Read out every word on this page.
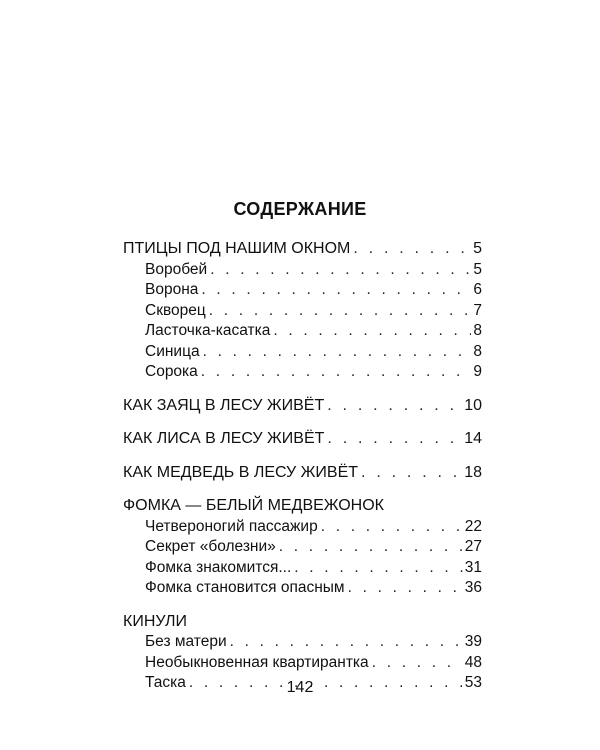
СОДЕРЖАНИЕ
ПТИЦЫ ПОД НАШИМ ОКНОМ . . .	5
Воробей . . .	5
Ворона . . .	6
Скворец . . .	7
Ласточка-касатка . . .	8
Синица . . .	8
Сорока . . .	9
КАК ЗАЯЦ В ЛЕСУ ЖИВЁТ . . .	10
КАК ЛИСА В ЛЕСУ ЖИВЁТ . . .	14
КАК МЕДВЕДЬ В ЛЕСУ ЖИВЁТ . . .	18
ФОМКА — БЕЛЫЙ МЕДВЕЖОНОК
Четвероногий пассажир . . .	22
Секрет «болезни» . . .	27
Фомка знакомится... . . .	31
Фомка становится опасным . . .	36
КИНУЛИ
Без матери . . .	39
Необыкновенная квартирантка . . .	48
Таска . . .	53
142
